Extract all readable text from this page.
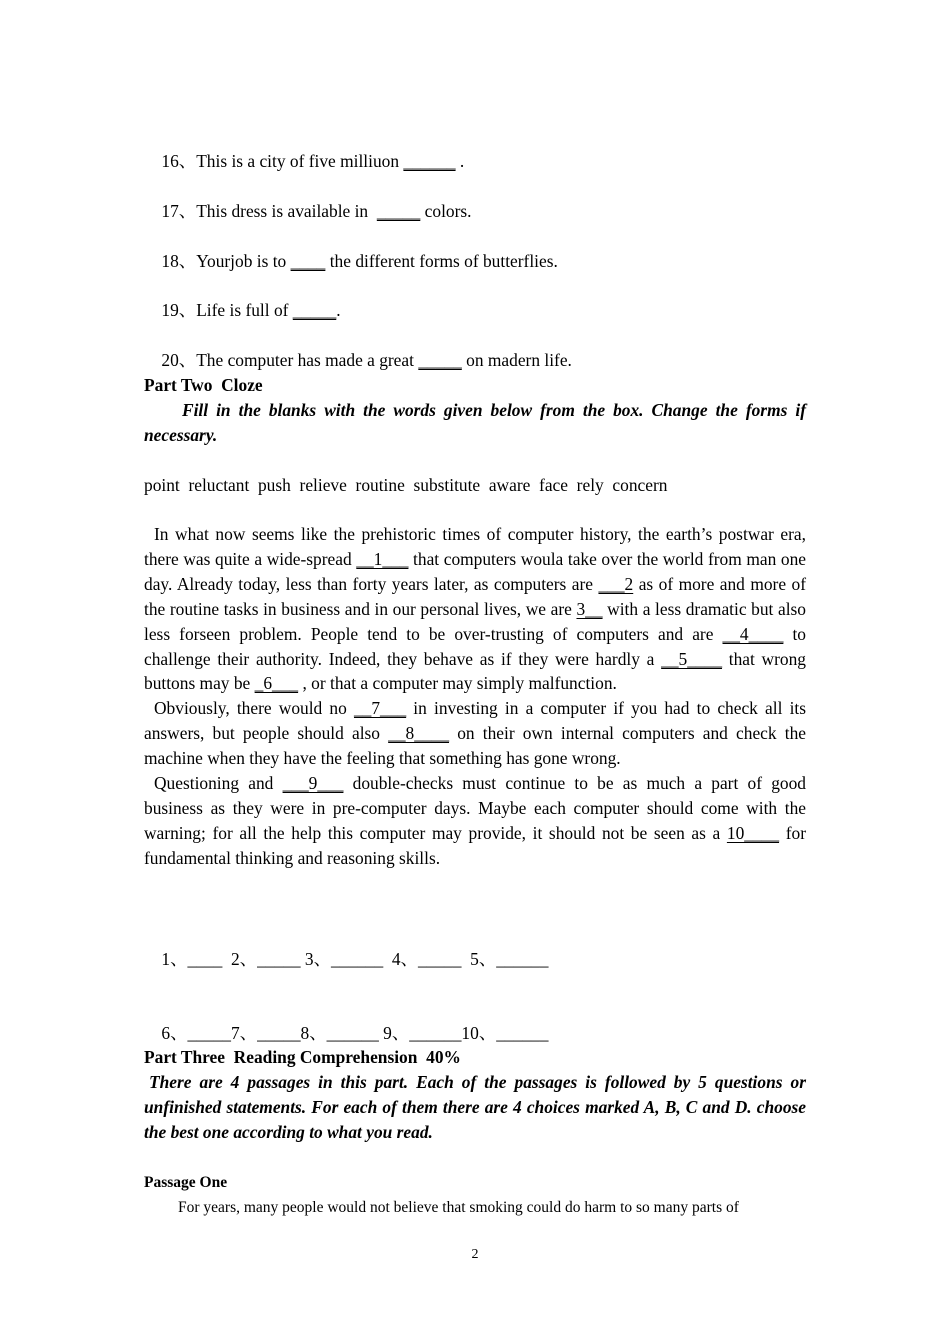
16、This is a city of five milliuon ______ .

17、This dress is available in  _____ colors.

18、Yourjob is to ____ the different forms of butterflies.

19、Life is full of _____.

20、The computer has made a great _____ on madern life.

Part Two  Cloze
Fill in the blanks with the words given below from the box. Change the forms if necessary.
point  reluctant  push  relieve  routine  substitute  aware  face  rely  concern
In what now seems like the prehistoric times of computer history, the earth’s postwar era, there was quite a wide-spread __1___ that computers woula take over the world from man one day. Already today, less than forty years later, as computers are ___2 as of more and more of the routine tasks in business and in our personal lives, we are 3__ with a less dramatic but also less forseen problem. People tend to be over-trusting of computers and are __4____ to challenge their authority. Indeed, they behave as if they were hardly a __5____ that wrong buttons may be _6___ , or that a computer may simply malfunction.
Obviously, there would no __7___ in investing in a computer if you had to check all its answers, but people should also __8____ on their own internal computers and check the machine when they have the feeling that something has gone wrong.
Questioning and ___9___ double-checks must continue to be as much a part of good business as they were in pre-computer days. Maybe each computer should come with the warning; for all the help this computer may provide, it should not be seen as a 10____ for fundamental thinking and reasoning skills.

1、____  2、_____ 3、______  4、_____  5、______

6、_____7、_____8、______ 9、______10、______

Part Three  Reading Comprehension  40%
There are 4 passages in this part. Each of the passages is followed by 5 questions or unfinished statements. For each of them there are 4 choices marked A, B, C and D. choose the best one according to what you read.
Passage One
For years, many people would not believe that smoking could do harm to so many parts of
2
